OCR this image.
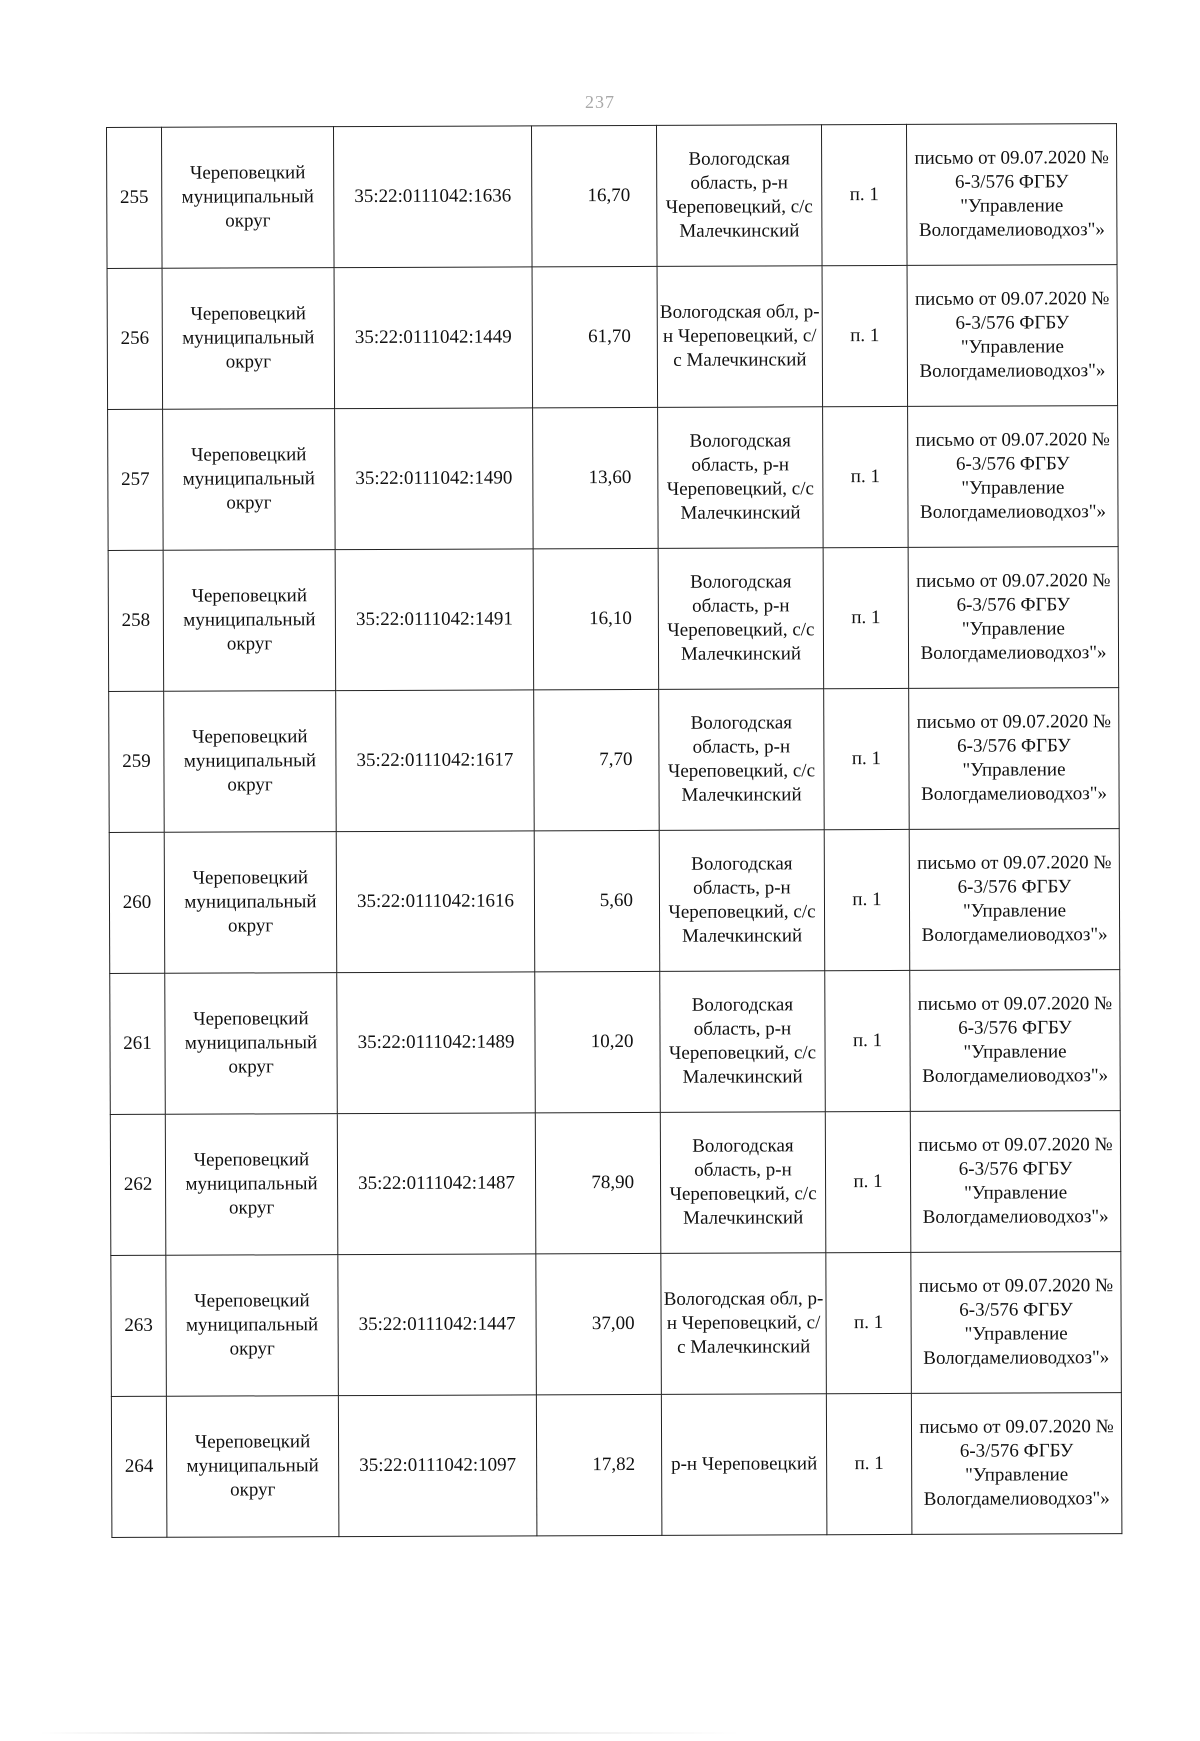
237
255	Череповецкий муниципальный округ	35:22:0111042:1636	16,70	Вологодская область, р-н Череповецкий, с/с Малечкинский	п. 1	письмо от 09.07.2020 № 6-3/576 ФГБУ "Управление Вологдамелиоводхоз"»
256	Череповецкий муниципальный округ	35:22:0111042:1449	61,70	Вологодская обл, р-н Череповецкий, с/с Малечкинский	п. 1	письмо от 09.07.2020 № 6-3/576 ФГБУ "Управление Вологдамелиоводхоз"»
257	Череповецкий муниципальный округ	35:22:0111042:1490	13,60	Вологодская область, р-н Череповецкий, с/с Малечкинский	п. 1	письмо от 09.07.2020 № 6-3/576 ФГБУ "Управление Вологдамелиоводхоз"»
258	Череповецкий муниципальный округ	35:22:0111042:1491	16,10	Вологодская область, р-н Череповецкий, с/с Малечкинский	п. 1	письмо от 09.07.2020 № 6-3/576 ФГБУ "Управление Вологдамелиоводхоз"»
259	Череповецкий муниципальный округ	35:22:0111042:1617	7,70	Вологодская область, р-н Череповецкий, с/с Малечкинский	п. 1	письмо от 09.07.2020 № 6-3/576 ФГБУ "Управление Вологдамелиоводхоз"»
260	Череповецкий муниципальный округ	35:22:0111042:1616	5,60	Вологодская область, р-н Череповецкий, с/с Малечкинский	п. 1	письмо от 09.07.2020 № 6-3/576 ФГБУ "Управление Вологдамелиоводхоз"»
261	Череповецкий муниципальный округ	35:22:0111042:1489	10,20	Вологодская область, р-н Череповецкий, с/с Малечкинский	п. 1	письмо от 09.07.2020 № 6-3/576 ФГБУ "Управление Вологдамелиоводхоз"»
262	Череповецкий муниципальный округ	35:22:0111042:1487	78,90	Вологодская область, р-н Череповецкий, с/с Малечкинский	п. 1	письмо от 09.07.2020 № 6-3/576 ФГБУ "Управление Вологдамелиоводхоз"»
263	Череповецкий муниципальный округ	35:22:0111042:1447	37,00	Вологодская обл, р-н Череповецкий, с/с Малечкинский	п. 1	письмо от 09.07.2020 № 6-3/576 ФГБУ "Управление Вологдамелиоводхоз"»
264	Череповецкий муниципальный округ	35:22:0111042:1097	17,82	р-н Череповецкий	п. 1	письмо от 09.07.2020 № 6-3/576 ФГБУ "Управление Вологдамелиоводхоз"»
